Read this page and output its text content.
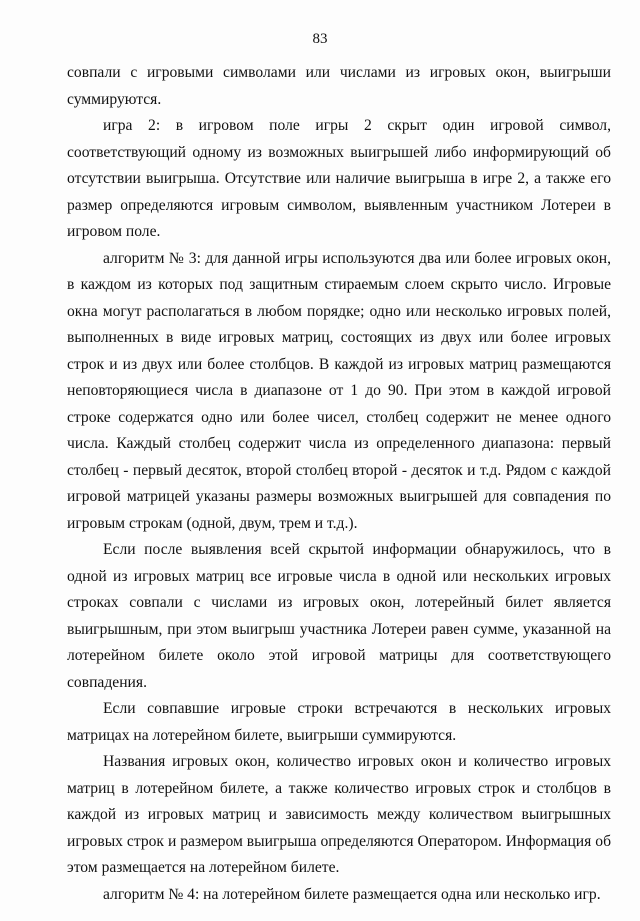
83

совпали с игровыми символами или числами из игровых окон, выигрыши суммируются.

игра 2: в игровом поле игры 2 скрыт один игровой символ, соответствующий одному из возможных выигрышей либо информирующий об отсутствии выигрыша. Отсутствие или наличие выигрыша в игре 2, а также его размер определяются игровым символом, выявленным участником Лотереи в игровом поле.

алгоритм № 3: для данной игры используются два или более игровых окон, в каждом из которых под защитным стираемым слоем скрыто число. Игровые окна могут располагаться в любом порядке; одно или несколько игровых полей, выполненных в виде игровых матриц, состоящих из двух или более игровых строк и из двух или более столбцов. В каждой из игровых матриц размещаются неповторяющиеся числа в диапазоне от 1 до 90. При этом в каждой игровой строке содержатся одно или более чисел, столбец содержит не менее одного числа. Каждый столбец содержит числа из определенного диапазона: первый столбец - первый десяток, второй столбец второй - десяток и т.д. Рядом с каждой игровой матрицей указаны размеры возможных выигрышей для совпадения по игровым строкам (одной, двум, трем и т.д.).

Если после выявления всей скрытой информации обнаружилось, что в одной из игровых матриц все игровые числа в одной или нескольких игровых строках совпали с числами из игровых окон, лотерейный билет является выигрышным, при этом выигрыш участника Лотереи равен сумме, указанной на лотерейном билете около этой игровой матрицы для соответствующего совпадения.

Если совпавшие игровые строки встречаются в нескольких игровых матрицах на лотерейном билете, выигрыши суммируются.

Названия игровых окон, количество игровых окон и количество игровых матриц в лотерейном билете, а также количество игровых строк и столбцов в каждой из игровых матриц и зависимость между количеством выигрышных игровых строк и размером выигрыша определяются Оператором. Информация об этом размещается на лотерейном билете.

алгоритм № 4: на лотерейном билете размещается одна или несколько игр.
